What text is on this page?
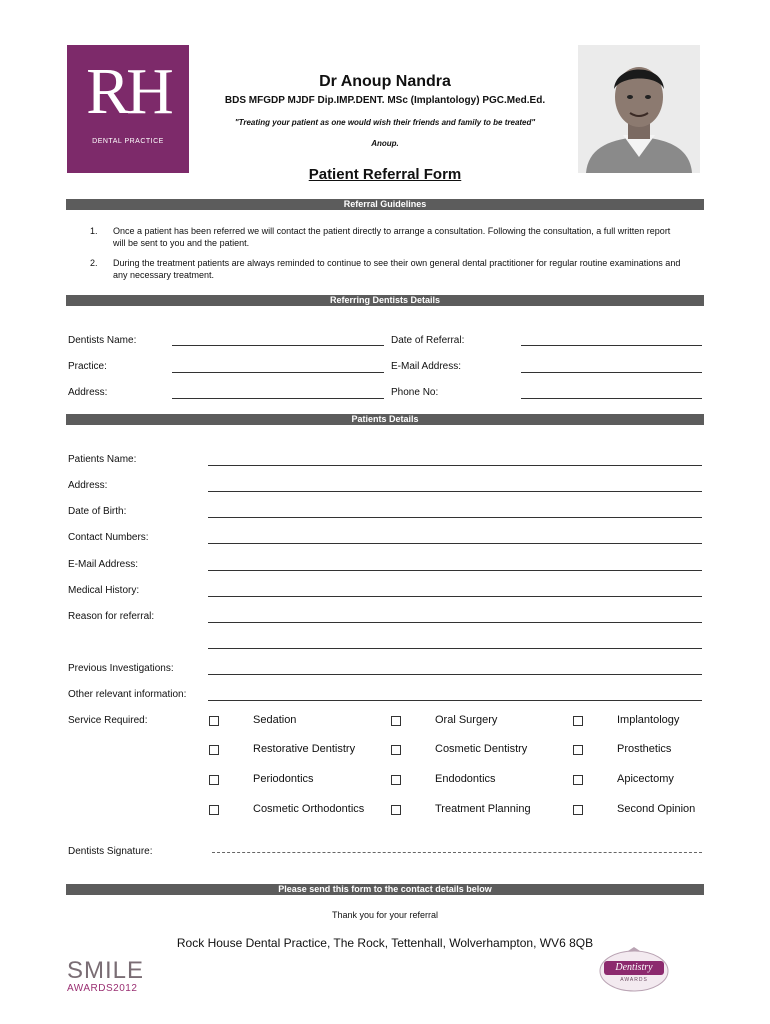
RH
DENTAL PRACTICE
Dr Anoup Nandra
BDS MFGDP MJDF Dip.IMP.DENT. MSc (Implantology) PGC.Med.Ed.
"Treating your patient as one would wish their friends and family to be treated"
Anoup.
Patient Referral Form
Referral Guidelines
1. Once a patient has been referred we will contact the patient directly to arrange a consultation. Following the consultation, a full written report will be sent to you and the patient.
2. During the treatment patients are always reminded to continue to see their own general dental practitioner for regular routine examinations and any necessary treatment.
Referring Dentists Details
Dentists Name:	Date of Referral:
Practice:	E-Mail Address:
Address:	Phone No:
Patients Details
Patients Name:
Address:
Date of Birth:
Contact Numbers:
E-Mail Address:
Medical History:
Reason for referral:
Previous Investigations:
Other relevant information:
Service Required:	Sedation	Oral Surgery	Implantology
Restorative Dentistry	Cosmetic Dentistry	Prosthetics
Periodontics	Endodontics	Apicectomy
Cosmetic Orthodontics	Treatment Planning	Second Opinion
Dentists Signature:
Please send this form to the contact details below
Thank you for your referral
Rock House Dental Practice, The Rock, Tettenhall, Wolverhampton, WV6 8QB
SMILE
AWARDS2012
Dentistry
AWARDS
